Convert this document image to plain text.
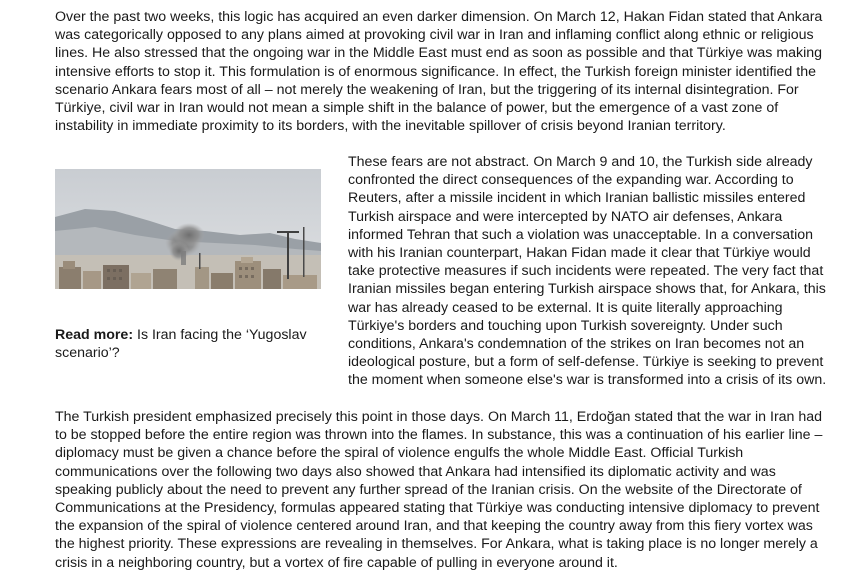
Over the past two weeks, this logic has acquired an even darker dimension. On March 12, Hakan Fidan stated that Ankara was categorically opposed to any plans aimed at provoking civil war in Iran and inflaming conflict along ethnic or religious lines. He also stressed that the ongoing war in the Middle East must end as soon as possible and that Türkiye was making intensive efforts to stop it. This formulation is of enormous significance. In effect, the Turkish foreign minister identified the scenario Ankara fears most of all – not merely the weakening of Iran, but the triggering of its internal disintegration. For Türkiye, civil war in Iran would not mean a simple shift in the balance of power, but the emergence of a vast zone of instability in immediate proximity to its borders, with the inevitable spillover of crisis beyond Iranian territory.

Read more: Is Iran facing the ‘Yugoslav scenario’?

These fears are not abstract. On March 9 and 10, the Turkish side already confronted the direct consequences of the expanding war. According to Reuters, after a missile incident in which Iranian ballistic missiles entered Turkish airspace and were intercepted by NATO air defenses, Ankara informed Tehran that such a violation was unacceptable. In a conversation with his Iranian counterpart, Hakan Fidan made it clear that Türkiye would take protective measures if such incidents were repeated. The very fact that Iranian missiles began entering Turkish airspace shows that, for Ankara, this war has already ceased to be external. It is quite literally approaching Türkiye's borders and touching upon Turkish sovereignty. Under such conditions, Ankara's condemnation of the strikes on Iran becomes not an ideological posture, but a form of self-defense. Türkiye is seeking to prevent the moment when someone else's war is transformed into a crisis of its own.

The Turkish president emphasized precisely this point in those days. On March 11, Erdoğan stated that the war in Iran had to be stopped before the entire region was thrown into the flames. In substance, this was a continuation of his earlier line – diplomacy must be given a chance before the spiral of violence engulfs the whole Middle East. Official Turkish communications over the following two days also showed that Ankara had intensified its diplomatic activity and was speaking publicly about the need to prevent any further spread of the Iranian crisis. On the website of the Directorate of Communications at the Presidency, formulas appeared stating that Türkiye was conducting intensive diplomacy to prevent the expansion of the spiral of violence centered around Iran, and that keeping the country away from this fiery vortex was the highest priority. These expressions are revealing in themselves. For Ankara, what is taking place is no longer merely a crisis in a neighboring country, but a vortex of fire capable of pulling in everyone around it.
